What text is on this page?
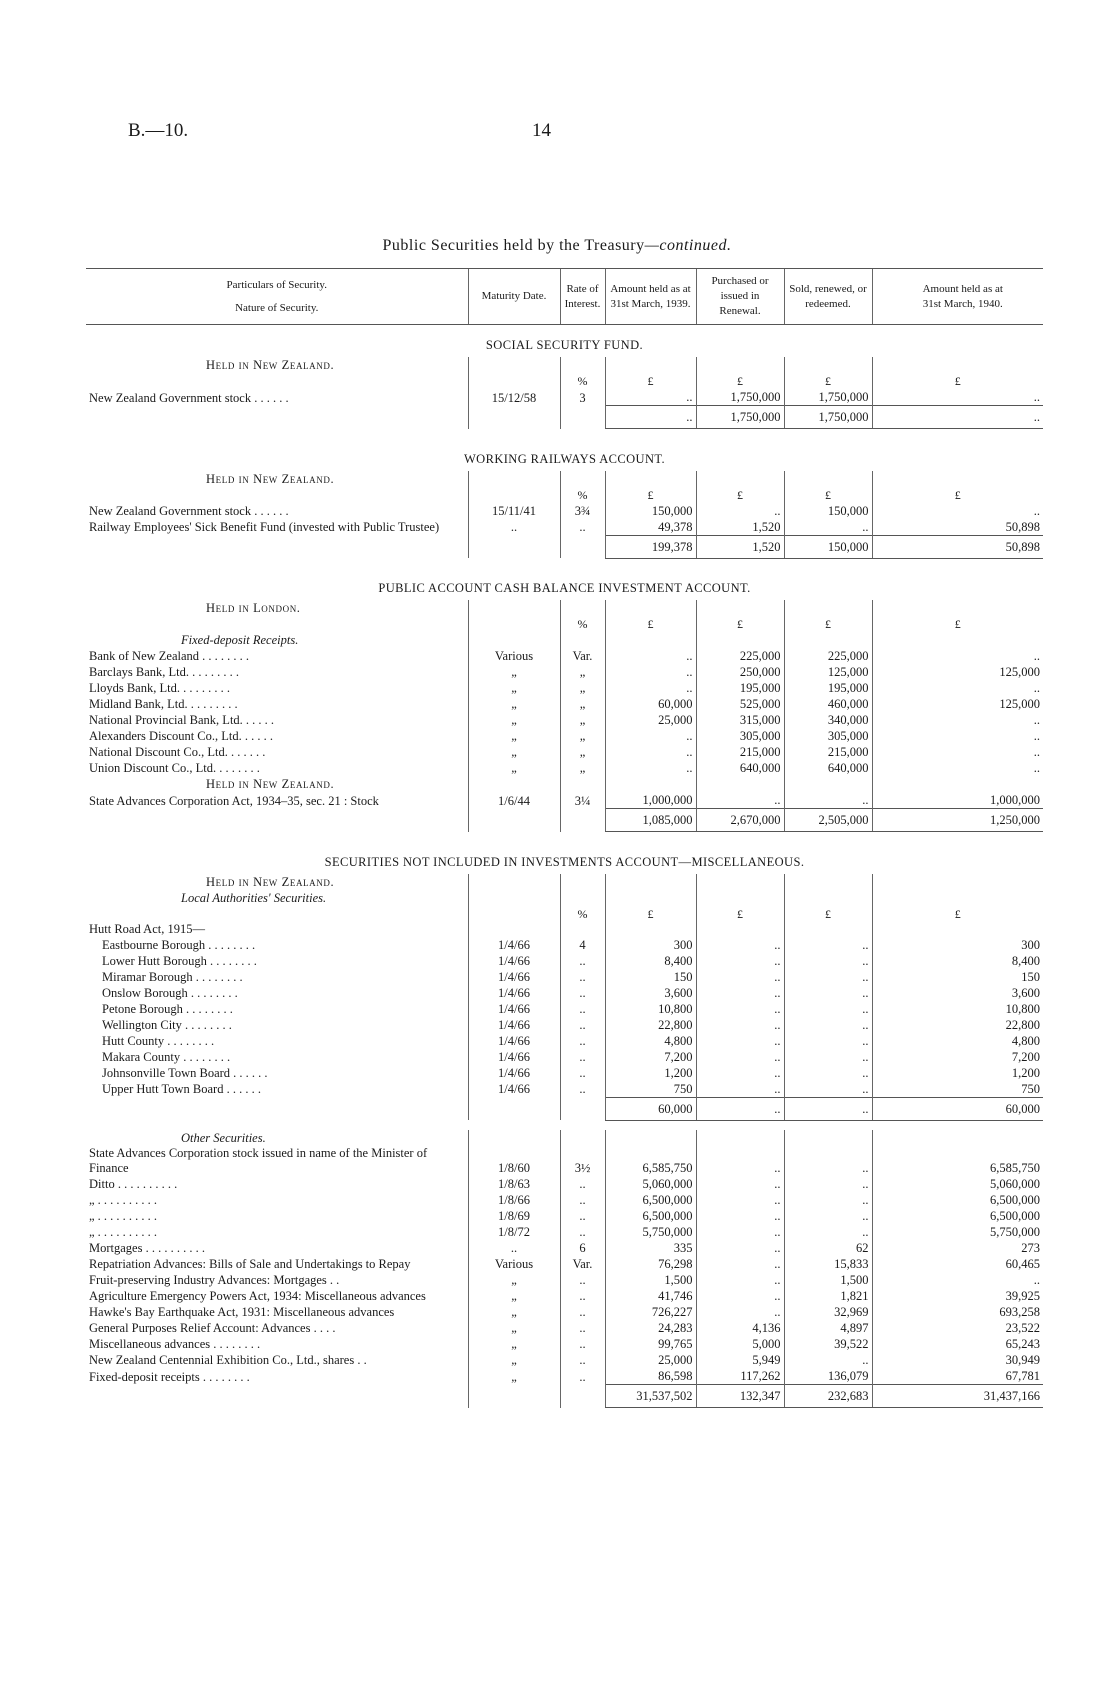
B.—10.	14
Public Securities held by the Treasury—continued.
Particulars of Security.
Nature of Security.	Maturity Date.	Rate of Interest.	Amount held as at 31st March, 1939.	Purchased or issued in Renewal.	Sold, renewed, or redeemed.	Amount held as at 31st March, 1940.
SOCIAL SECURITY FUND.						
Held in New Zealand.						
		%	£	£	£	£
New Zealand Government stock . . . . . .	15/12/58	3	..	1,750,000	1,750,000	..
			..	1,750,000	1,750,000	..

WORKING RAILWAYS ACCOUNT.						
Held in New Zealand.						
		%	£	£	£	£
New Zealand Government stock . . . . . .	15/11/41	3¾	150,000	..	150,000	..
Railway Employees' Sick Benefit Fund (invested with Public Trustee)	..	..	49,378	1,520	..	50,898
			199,378	1,520	150,000	50,898

PUBLIC ACCOUNT CASH BALANCE INVESTMENT ACCOUNT.						
Held in London.						
		%	£	£	£	£
Fixed-deposit Receipts.						
Bank of New Zealand . . . . . . . .	Various	Var.	..	225,000	225,000	..
Barclays Bank, Ltd. . . . . . . . .	„	„	..	250,000	125,000	125,000
Lloyds Bank, Ltd. . . . . . . . .	„	„	..	195,000	195,000	..
Midland Bank, Ltd. . . . . . . . .	„	„	60,000	525,000	460,000	125,000
National Provincial Bank, Ltd. . . . . .	„	„	25,000	315,000	340,000	..
Alexanders Discount Co., Ltd. . . . . .	„	„	..	305,000	305,000	..
National Discount Co., Ltd. . . . . . .	„	„	..	215,000	215,000	..
Union Discount Co., Ltd. . . . . . . .	„	„	..	640,000	640,000	..
Held in New Zealand.						
State Advances Corporation Act, 1934–35, sec. 21 : Stock	1/6/44	3¼	1,000,000	..	..	1,000,000
			1,085,000	2,670,000	2,505,000	1,250,000

SECURITIES NOT INCLUDED IN INVESTMENTS ACCOUNT—MISCELLANEOUS.						
Held in New Zealand.						
Local Authorities' Securities.						
		%	£	£	£	£
Hutt Road Act, 1915—						
Eastbourne Borough . . . . . . . .	1/4/66	4	300	..	..	300
Lower Hutt Borough . . . . . . . .	1/4/66	..	8,400	..	..	8,400
Miramar Borough . . . . . . . .	1/4/66	..	150	..	..	150
Onslow Borough . . . . . . . .	1/4/66	..	3,600	..	..	3,600
Petone Borough . . . . . . . .	1/4/66	..	10,800	..	..	10,800
Wellington City . . . . . . . .	1/4/66	..	22,800	..	..	22,800
Hutt County . . . . . . . .	1/4/66	..	4,800	..	..	4,800
Makara County . . . . . . . .	1/4/66	..	7,200	..	..	7,200
Johnsonville Town Board . . . . . .	1/4/66	..	1,200	..	..	1,200
Upper Hutt Town Board . . . . . .	1/4/66	..	750	..	..	750
			60,000	..	..	60,000

Other Securities.						
State Advances Corporation stock issued in name of the Minister of Finance	1/8/60	3½	6,585,750	..	..	6,585,750
Ditto . . . . . . . . . .	1/8/63	..	5,060,000	..	..	5,060,000
„ . . . . . . . . . .	1/8/66	..	6,500,000	..	..	6,500,000
„ . . . . . . . . . .	1/8/69	..	6,500,000	..	..	6,500,000
„ . . . . . . . . . .	1/8/72	..	5,750,000	..	..	5,750,000
Mortgages . . . . . . . . . .	..	6	335	..	62	273
Repatriation Advances: Bills of Sale and Undertakings to Repay	Various	Var.	76,298	..	15,833	60,465
Fruit-preserving Industry Advances: Mortgages . .	„	..	1,500	..	1,500	..
Agriculture Emergency Powers Act, 1934: Miscellaneous advances	„	..	41,746	..	1,821	39,925
Hawke's Bay Earthquake Act, 1931: Miscellaneous advances	„	..	726,227	..	32,969	693,258
General Purposes Relief Account: Advances . . . .	„	..	24,283	4,136	4,897	23,522
Miscellaneous advances . . . . . . . .	„	..	99,765	5,000	39,522	65,243
New Zealand Centennial Exhibition Co., Ltd., shares . .	„	..	25,000	5,949	..	30,949
Fixed-deposit receipts . . . . . . . .	„	..	86,598	117,262	136,079	67,781
			31,537,502	132,347	232,683	31,437,166
